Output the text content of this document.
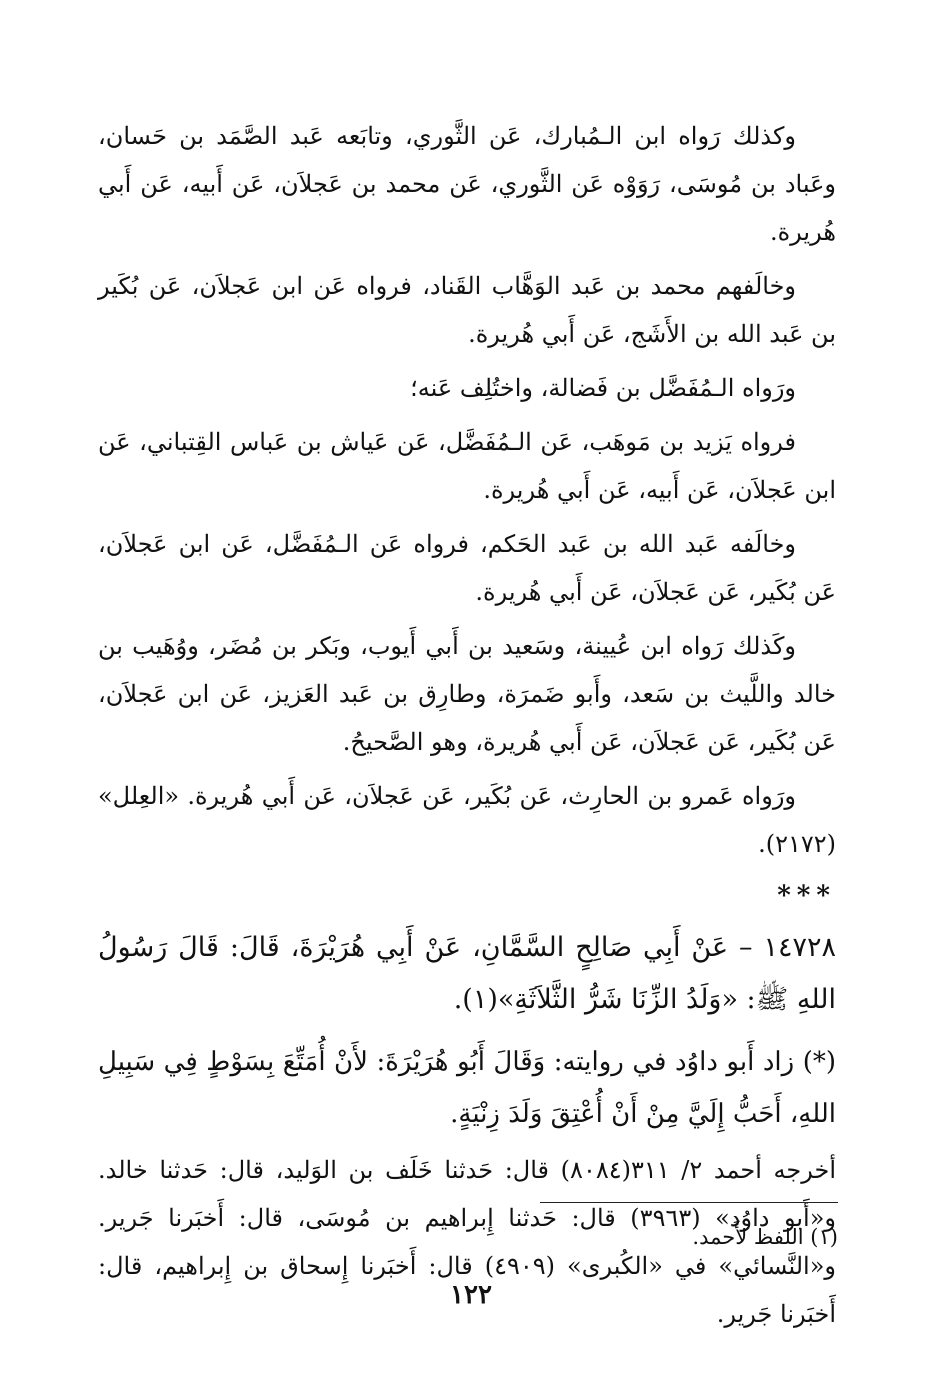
وكذلك رَواه ابن الـمُبارك، عَن الثَّوري، وتابَعه عَبد الصَّمَد بن حَسان، وعَباد بن مُوسَى، رَوَوْه عَن الثَّوري، عَن محمد بن عَجلاَن، عَن أَبيه، عَن أَبي هُريرة.

وخالَفهم محمد بن عَبد الوَهَّاب القَناد، فرواه عَن ابن عَجلاَن، عَن بُكَير بن عَبد الله بن الأَشَج، عَن أَبي هُريرة.

ورَواه الـمُفَضَّل بن فَضالة، واختُلِف عَنه؛

فرواه يَزيد بن مَوهَب، عَن الـمُفَضَّل، عَن عَياش بن عَباس القِتباني، عَن ابن عَجلاَن، عَن أَبيه، عَن أَبي هُريرة.

وخالَفه عَبد الله بن عَبد الحَكم، فرواه عَن الـمُفَضَّل، عَن ابن عَجلاَن، عَن بُكَير، عَن عَجلاَن، عَن أَبي هُريرة.

وكَذلك رَواه ابن عُيينة، وسَعيد بن أَبي أَيوب، وبَكر بن مُضَر، ووُهَيب بن خالد واللَّيث بن سَعد، وأَبو ضَمرَة، وطارِق بن عَبد العَزيز، عَن ابن عَجلاَن، عَن بُكَير، عَن عَجلاَن، عَن أَبي هُريرة، وهو الصَّحيحُ.

ورَواه عَمرو بن الحارِث، عَن بُكَير، عَن عَجلاَن، عَن أَبي هُريرة. «العِلل» (٢١٧٢).

***

١٤٧٢٨ – عَنْ أَبِي صَالِحٍ السَّمَّانِ، عَنْ أَبِي هُرَيْرَةَ، قَالَ: قَالَ رَسُولُ اللهِ ﷺ: «وَلَدُ الزِّنَا شَرُّ الثَّلاَثَةِ»(١).

(*) زاد أَبو داوُد في روايته: وَقَالَ أَبُو هُرَيْرَةَ: لأَنْ أُمَتِّعَ بِسَوْطٍ فِي سَبِيلِ اللهِ، أَحَبُّ إِلَيَّ مِنْ أَنْ أُعْتِقَ وَلَدَ زِنْيَةٍ.

أخرجه أحمد ٢/ ٣١١(٨٠٨٤) قال: حَدثنا خَلَف بن الوَليد، قال: حَدثنا خالد. و«أَبو داوُد» (٣٩٦٣) قال: حَدثنا إِبراهيم بن مُوسَى، قال: أَخبَرنا جَرير. و«النَّسائي» في «الكُبرى» (٤٩٠٩) قال: أَخبَرنا إِسحاق بن إِبراهيم، قال: أَخبَرنا جَرير.

(١) اللفظ لأَحمد.
١٢٢
